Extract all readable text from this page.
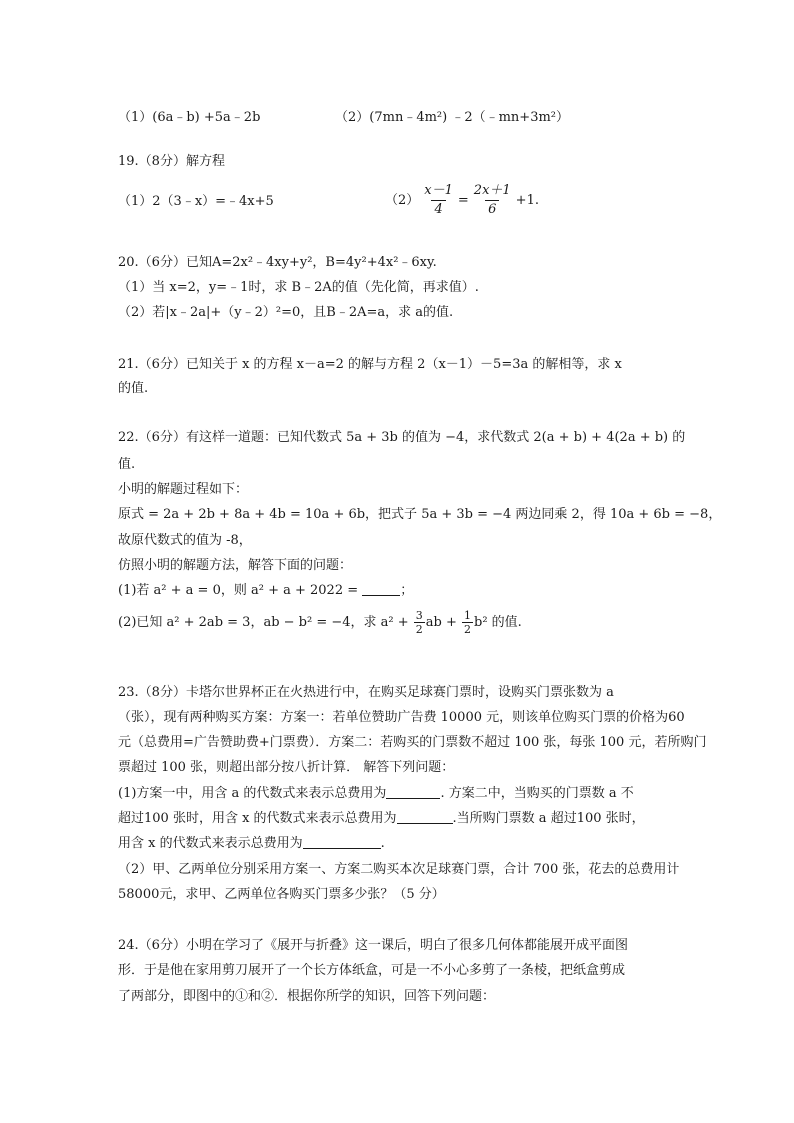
（1）(6a﹣b) +5a﹣2b	（2）(7mn﹣4m²) ﹣2（﹣mn+3m²）
19.（8分）解方程
（1）2（3﹣x）=﹣4x+5	$(2) \frac{x-1}{4} = \frac{2x+1}{6} +1$.
20.（6分）已知A=2x²﹣4xy+y²，B=4y²+4x²﹣6xy.
（1）当 x=2，y=﹣1时，求 B﹣2A的值（先化简，再求值）.
（2）若|x﹣2a|+（y﹣2）²=0，且B﹣2A=a，求 a的值.
21.（6分）已知关于 x 的方程 x－a=2 的解与方程 2（x－1）－5=3a 的解相等，求 x
的值.
22.（6分）有这样一道题：已知代数式 5a + 3b 的值为 −4，求代数式 2(a + b) + 4(2a + b) 的
值.
小明的解题过程如下：
原式 = 2a + 2b + 8a + 4b = 10a + 6b，把式子 5a + 3b = −4 两边同乘 2，得 10a + 6b = −8，
故原代数式的值为 -8，
仿照小明的解题方法，解答下面的问题：
(1)若 a² + a = 0，则 a² + a + 2022 =	；
(2)已知 a² + 2ab = 3，ab − b² = −4，求 $a^2 + \frac{3}{2}$ ab + $\frac{1}{2} b^2$ 的值.
23.（8分）卡塔尔世界杯正在火热进行中，在购买足球赛门票时，设购买门票张数为 a
（张），现有两种购买方案：方案一：若单位赞助广告费 10000 元，则该单位购买门票的价格为60
元（总费用=广告赞助费+门票费）．方案二：若购买的门票数不超过 100 张，每张 100 元，若所购门
票超过 100 张，则超出部分按八折计算． 解答下列问题：
(1)方案一中，用含 a 的代数式来表示总费用为	. 方案二中，当购买的门票数 a 不
超过100 张时，用含 x 的代数式来表示总费用为	.当所购门票数 a 超过100 张时，
用含 x 的代数式来表示总费用为	.
（2）甲、乙两单位分别采用方案一、方案二购买本次足球赛门票，合计 700 张，花去的总费用计
58000元，求甲、乙两单位各购买门票多少张？（5 分）
24.（6分）小明在学习了《展开与折叠》这一课后，明白了很多几何体都能展开成平面图
形．于是他在家用剪刀展开了一个长方体纸盒，可是一不小心多剪了一条棱，把纸盒剪成
了两部分，即图中的①和②．根据你所学的知识，回答下列问题：
